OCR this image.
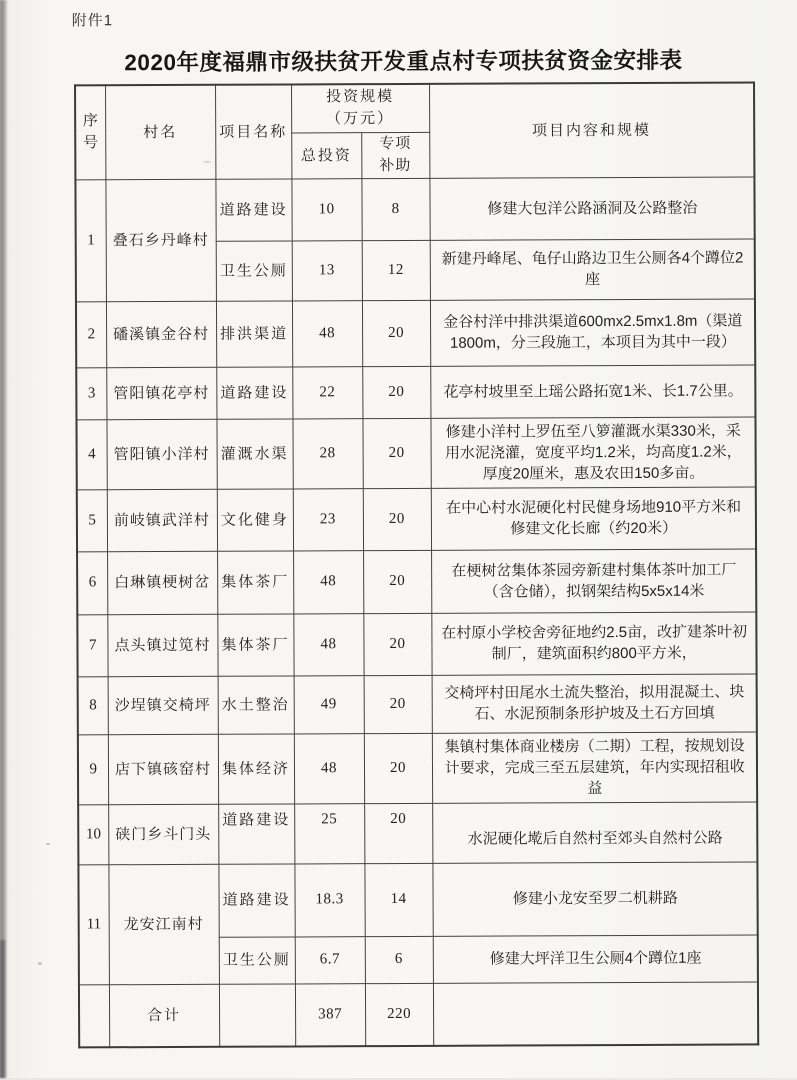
附件1
2020年度福鼎市级扶贫开发重点村专项扶贫资金安排表
序号	村名	项目名称	投资规模（万元）		项目内容和规模
			总投资	专项补助	
1	叠石乡丹峰村	道路建设	10	8	修建大包洋公路涵洞及公路整治
		卫生公厕	13	12	新建丹峰尾、龟仔山路边卫生公厕各4个蹲位2座
2	磻溪镇金谷村	排洪渠道	48	20	金谷村洋中排洪渠道600mx2.5mx1.8m（渠道1800m，分三段施工，本项目为其中一段）
3	管阳镇花亭村	道路建设	22	20	花亭村坡里至上瑶公路拓宽1米、长1.7公里。
4	管阳镇小洋村	灌溉水渠	28	20	修建小洋村上罗伍至八箩灌溉水渠330米，采用水泥浇灌，宽度平均1.2米，均高度1.2米，厚度20厘米，惠及农田150多亩。
5	前岐镇武洋村	文化健身	23	20	在中心村水泥硬化村民健身场地910平方米和修建文化长廊（约20米）
6	白琳镇梗树岔	集体茶厂	48	20	在梗树岔集体茶园旁新建村集体茶叶加工厂（含仓储），拟钢架结构5x5x14米
7	点头镇过笕村	集体茶厂	48	20	在村原小学校舍旁征地约2.5亩，改扩建茶叶初制厂，建筑面积约800平方米，
8	沙埕镇交椅坪	水土整治	49	20	交椅坪村田尾水土流失整治，拟用混凝土、块石、水泥预制条形护坡及土石方回填
9	店下镇硋窑村	集体经济	48	20	集镇村集体商业楼房（二期）工程，按规划设计要求，完成三至五层建筑，年内实现招租收益
10	硖门乡斗门头	道路建设	25	20	水泥硬化墘后自然村至郊头自然村公路
11	龙安江南村	道路建设	18.3	14	修建小龙安至罗二机耕路
		卫生公厕	6.7	6	修建大坪洋卫生公厕4个蹲位1座
	合计		387	220	
